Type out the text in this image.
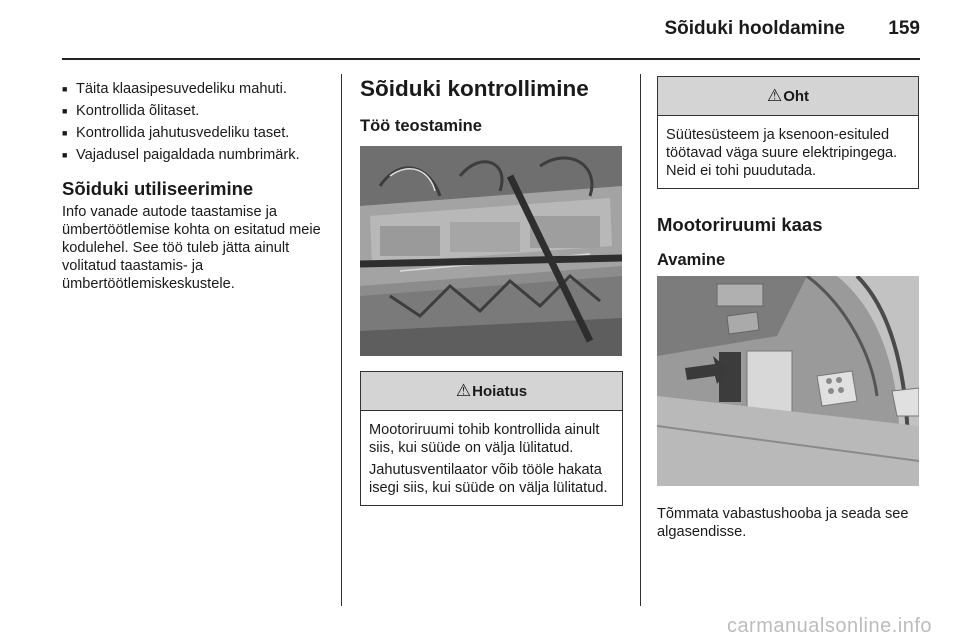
Sõiduki hooldamine 159
■ Täita klaasipesuvedeliku mahuti.
■ Kontrollida õlitaset.
■ Kontrollida jahutusvedeliku taset.
■ Vajadusel paigaldada numbrimärk.
Sõiduki utiliseerimine
Info vanade autode taastamise ja ümbertöötlemise kohta on esitatud meie kodulehel. See töö tuleb jätta ainult volitatud taastamis- ja ümbertöötlemiskeskustele.
Sõiduki kontrollimine
Töö teostamine
⚠ Hoiatus

Mootoriruumi tohib kontrollida ainult siis, kui süüde on välja lülitatud.

Jahutusventilaator võib tööle hakata isegi siis, kui süüde on välja lülitatud.

⚠ Oht
Süütesüsteem ja ksenoon-esituled töötavad väga suure elektripingega. Neid ei tohi puudutada.
Mootoriruumi kaas
Avamine
Tõmmata vabastushooba ja seada see algasendisse.
carmanualsonline.info
